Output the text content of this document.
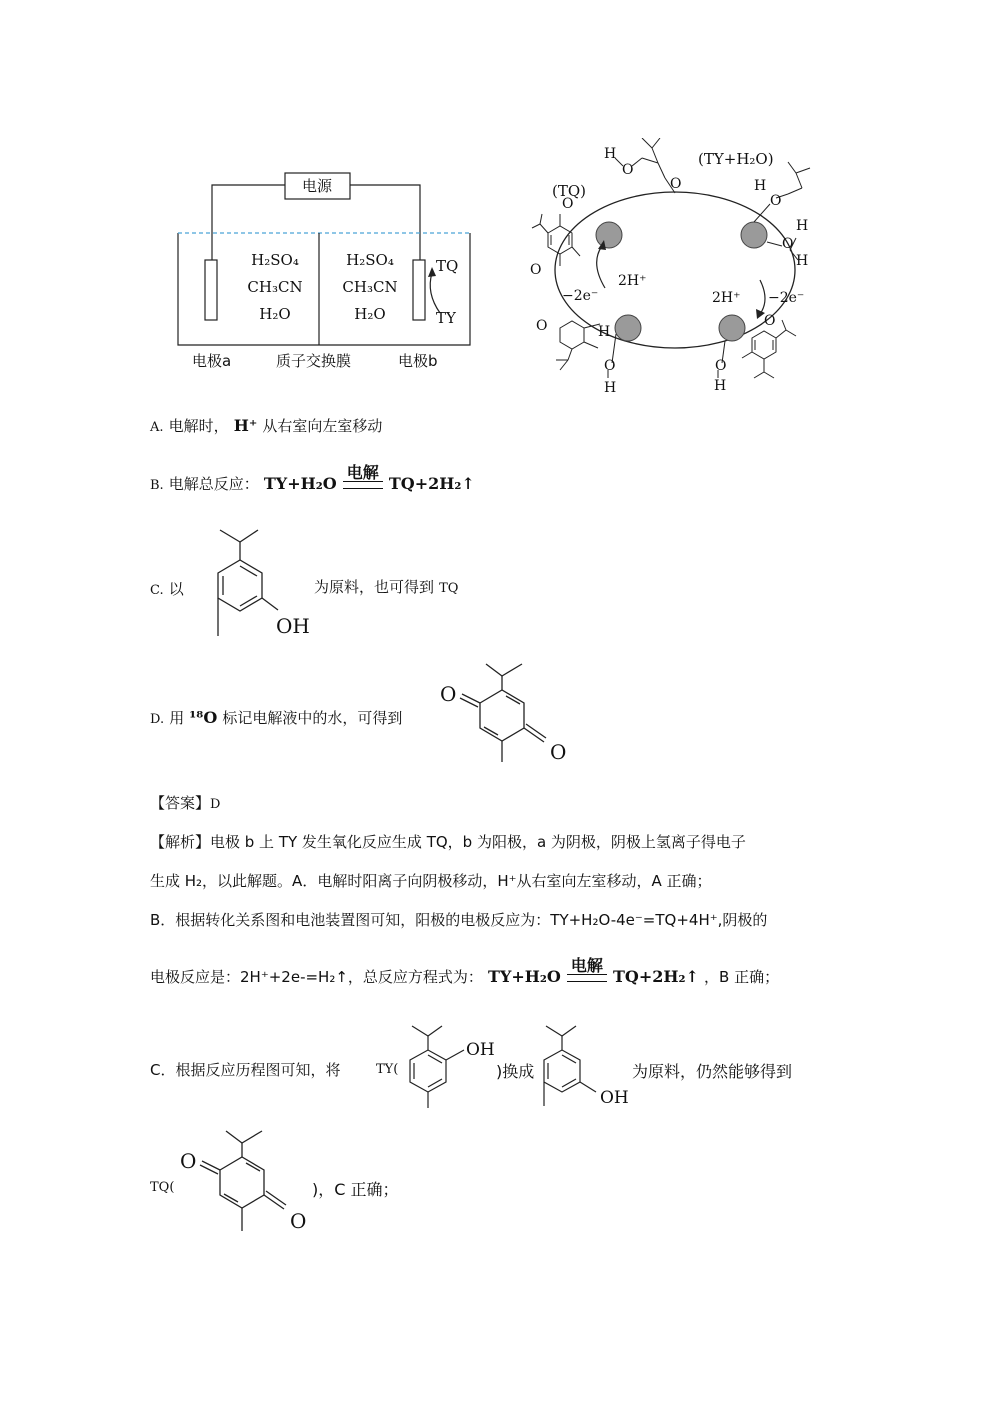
电源
H₂SO₄
CH₃CN
H₂O
H₂SO₄
CH₃CN
H₂O
TQ
TY
电极a	质子交换膜	电极b
(TQ)
(TY+H₂O)
2H⁺
−2e⁻	2H⁺ −2e⁻
H
O
O	H
O
O
H
H
O
O
O	H
O
H
O
O
H
A. 电解时， H⁺ 从右室向左室移动
B. 电解总反应： TY+H₂O
电解
TQ+2H₂↑
C. 以
OH
为原料，也可得到 TQ
D. 用 ¹⁸O 标记电解液中的水，可得到
O
O
【答案】D
【解析】电极 b 上 TY 发生氧化反应生成 TQ，b 为阳极，a 为阴极，阴极上氢离子得电子
生成 H₂，以此解题。A．电解时阳离子向阴极移动，H⁺从右室向左室移动，A 正确；
B．根据转化关系图和电池装置图可知，阳极的电极反应为：TY+H₂O-4e⁻=TQ+4H⁺,阴极的
电极反应是：2H⁺+2e-=H₂↑，总反应方程式为： TY+H₂O
电解
TQ+2H₂↑ ，B 正确；
C．根据反应历程图可知，将	TY(
OH
)换成
OH
为原料，仍然能够得到
TQ(
O
O
)，C 正确；
